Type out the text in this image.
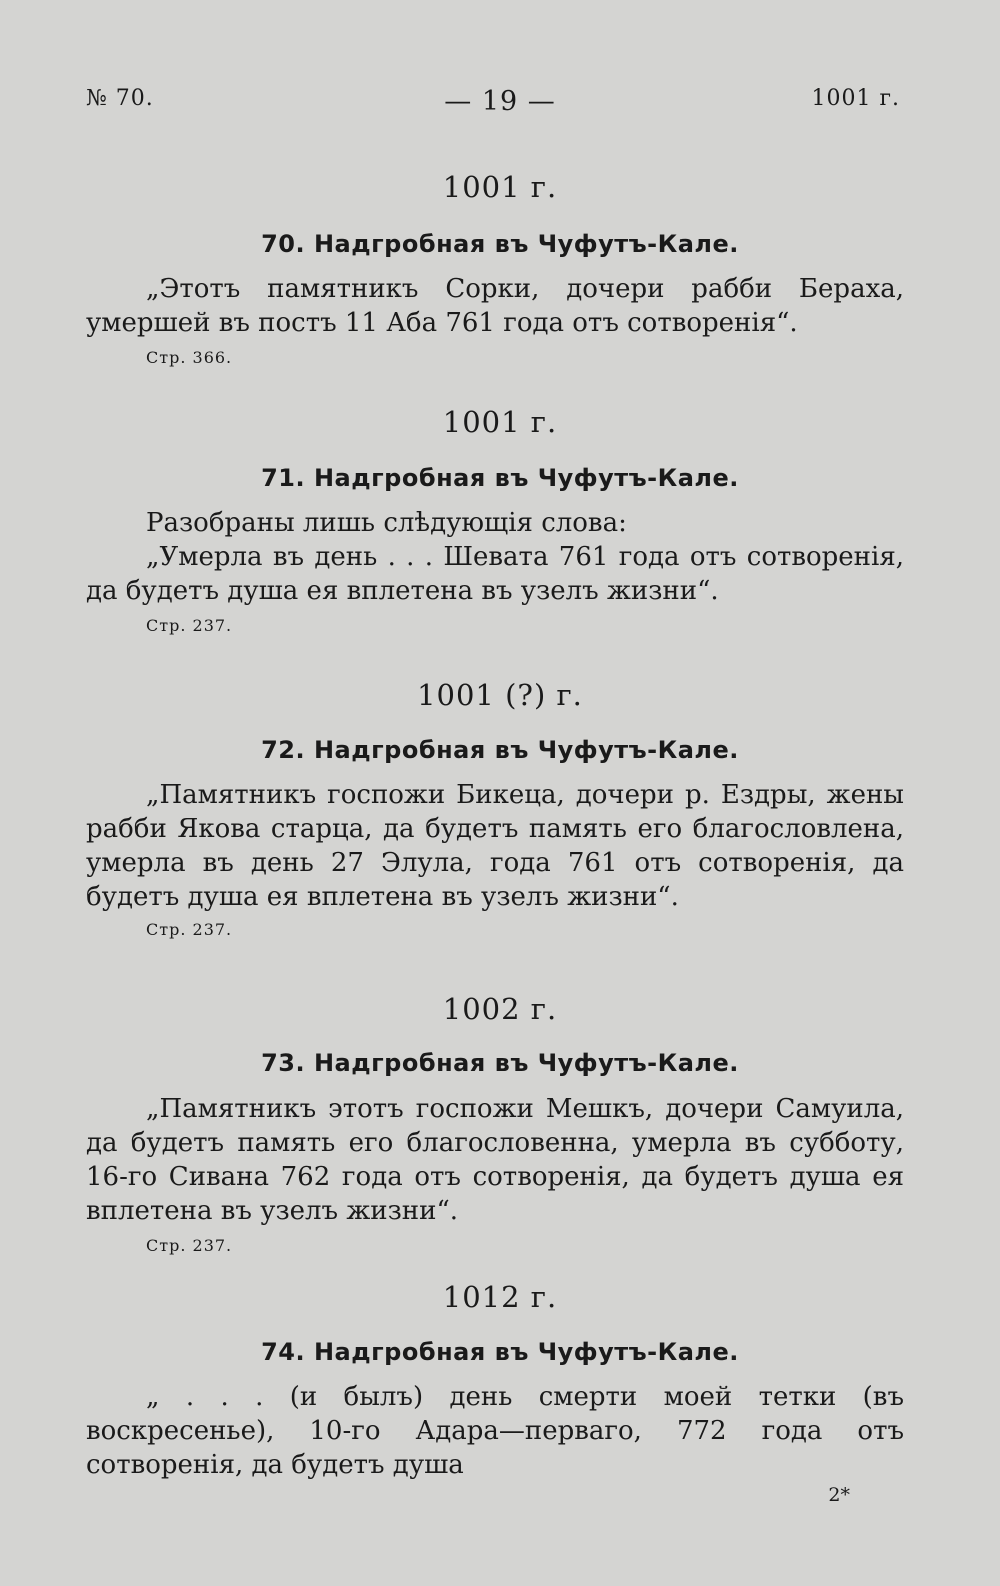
№ 70.	— 19 —	1001 г.
1001 г.
70. Надгробная въ Чуфутъ-Кале.
„Этотъ памятникъ Сорки, дочери рабби Бераха, умершей въ постъ 11 Аба 761 года отъ сотворенія“.
Стр. 366.
1001 г.
71. Надгробная въ Чуфутъ-Кале.
Разобраны лишь слѣдующія слова:
„Умерла въ день . . . Шевата 761 года отъ сотворенія, да будетъ душа ея вплетена въ узелъ жизни“.
Стр. 237.
1001 (?) г.
72. Надгробная въ Чуфутъ-Кале.
„Памятникъ госпожи Бикеца, дочери р. Ездры, жены рабби Якова старца, да будетъ память его благословлена, умерла въ день 27 Элула, года 761 отъ сотворенія, да будетъ душа ея вплетена въ узелъ жизни“.
Стр. 237.
1002 г.
73. Надгробная въ Чуфутъ-Кале.
„Памятникъ этотъ госпожи Мешкъ, дочери Самуила, да будетъ память его благословенна, умерла въ субботу, 16-го Сивана 762 года отъ сотворенія, да будетъ душа ея вплетена въ узелъ жизни“.
Стр. 237.
1012 г.
74. Надгробная въ Чуфутъ-Кале.
„ . . . (и былъ) день смерти моей тетки (въ воскресенье), 10-го Адара—перваго, 772 года отъ сотворенія, да будетъ душа
2*
